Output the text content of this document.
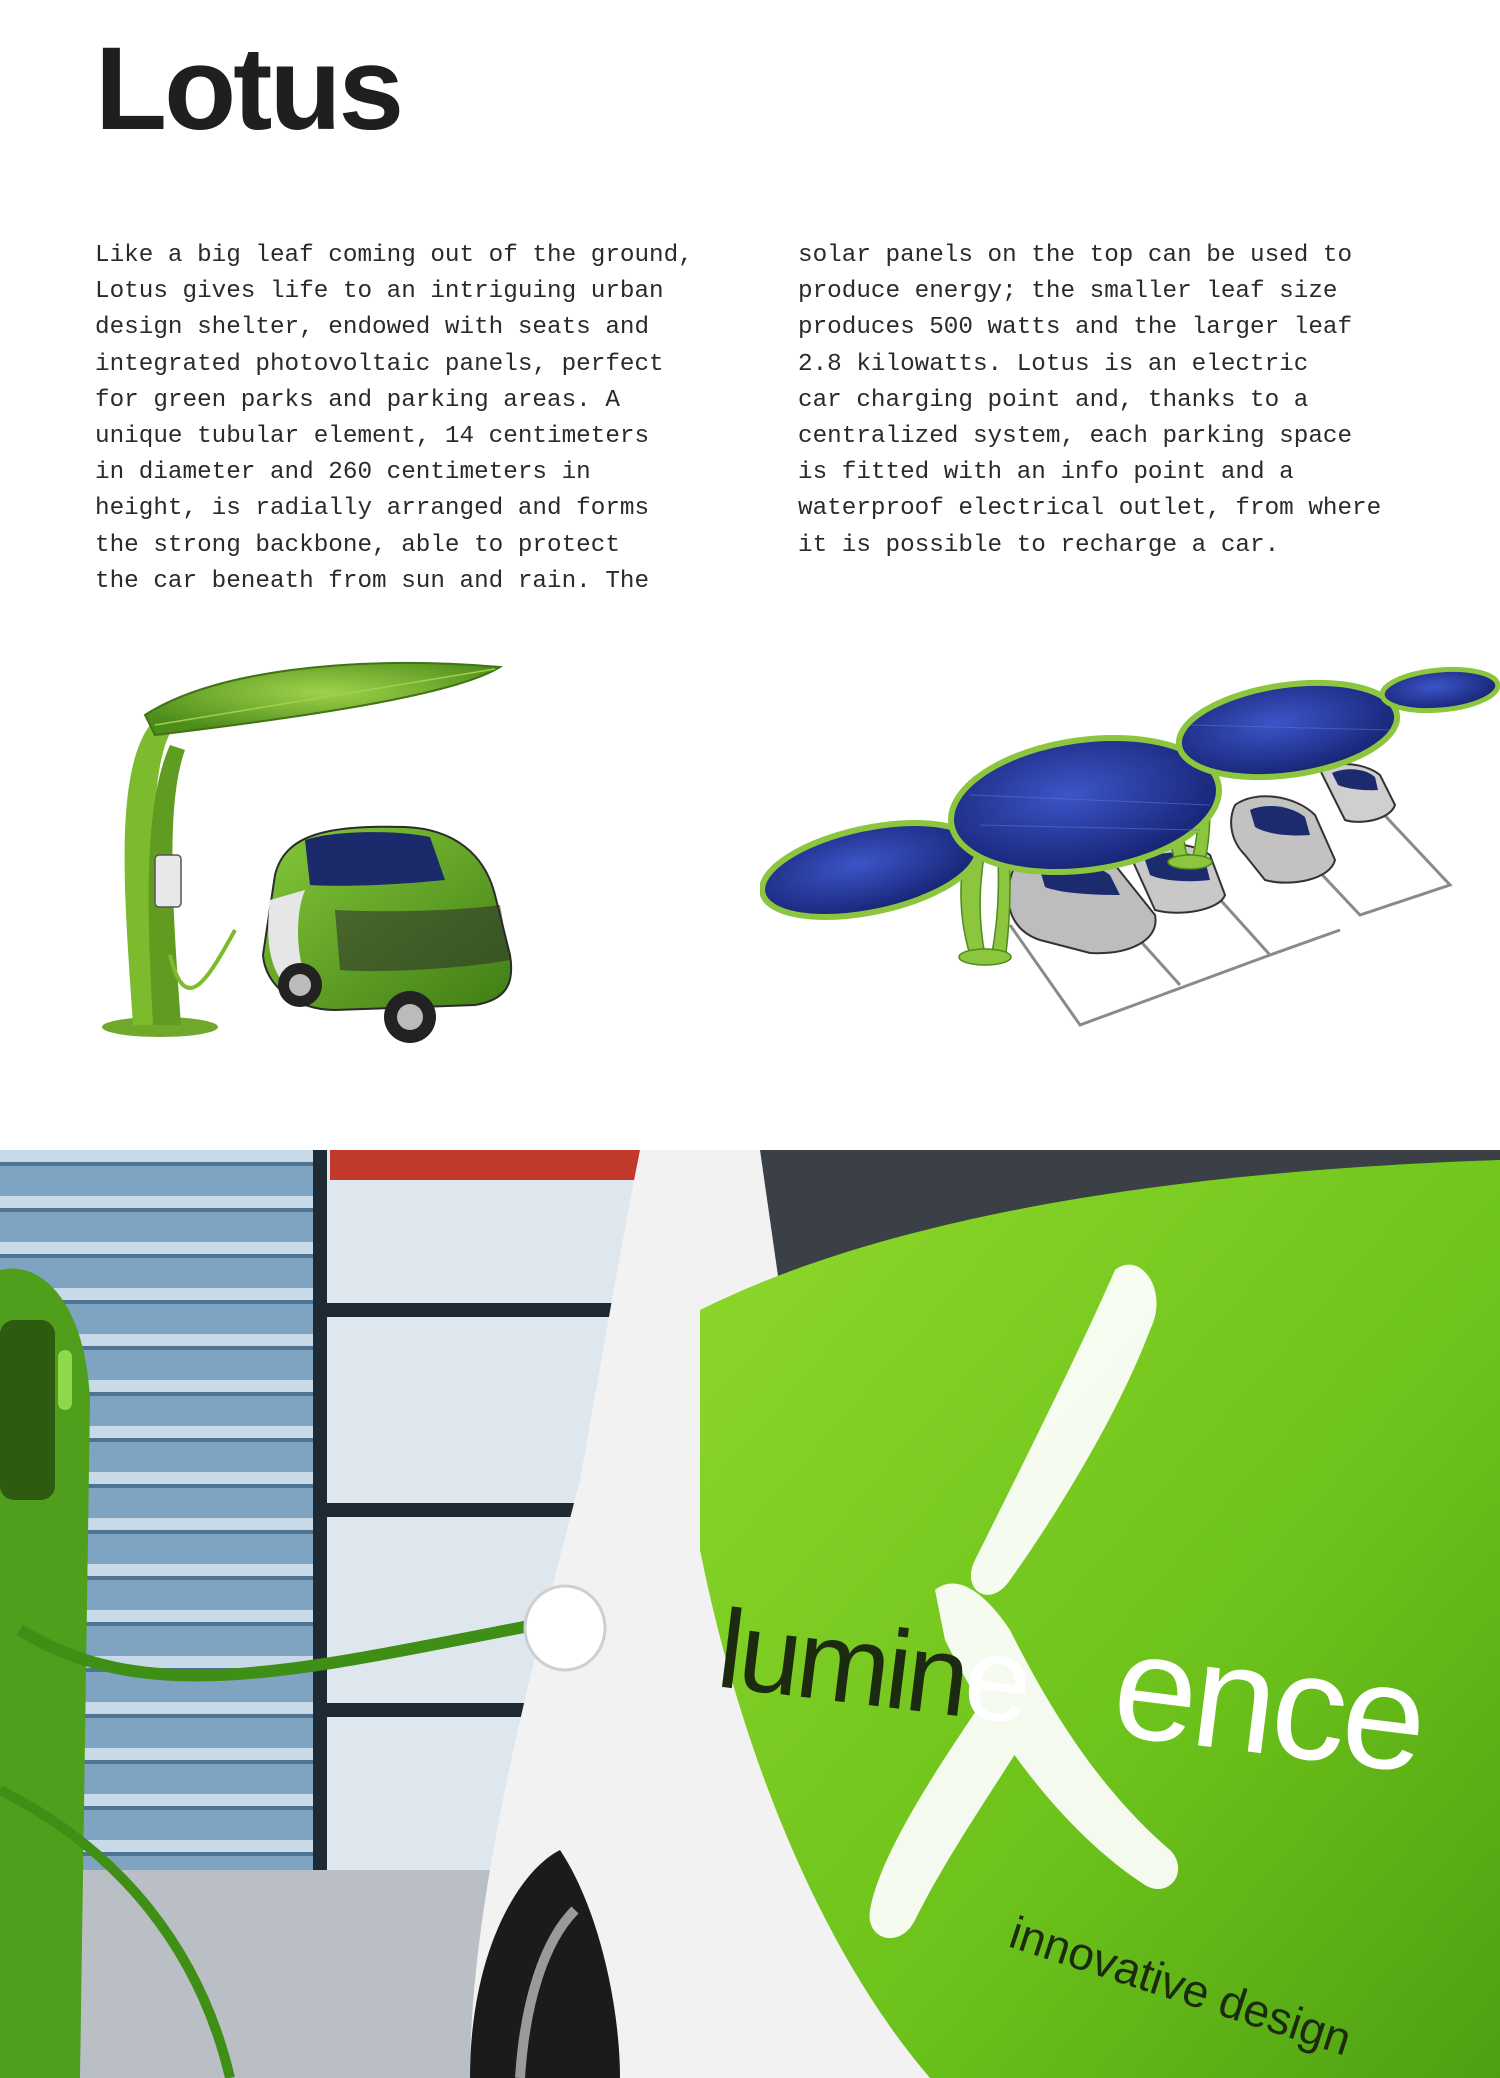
Lotus
Like a big leaf coming out of the ground,
Lotus gives life to an intriguing urban
design shelter, endowed with seats and
integrated photovoltaic panels, perfect
for green parks and parking areas. A
unique tubular element, 14 centimeters
in diameter and 260 centimeters in
height, is radially arranged and forms
the strong backbone, able to protect
the car beneath from sun and rain. The
solar panels on the top can be used to
produce energy; the smaller leaf size
produces 500 watts and the larger leaf
2.8 kilowatts. Lotus is an electric
car charging point and, thanks to a
centralized system, each parking space
is fitted with an info point and a
waterproof electrical outlet, from where
it is possible to recharge a car.
lumine ence
innovative design
